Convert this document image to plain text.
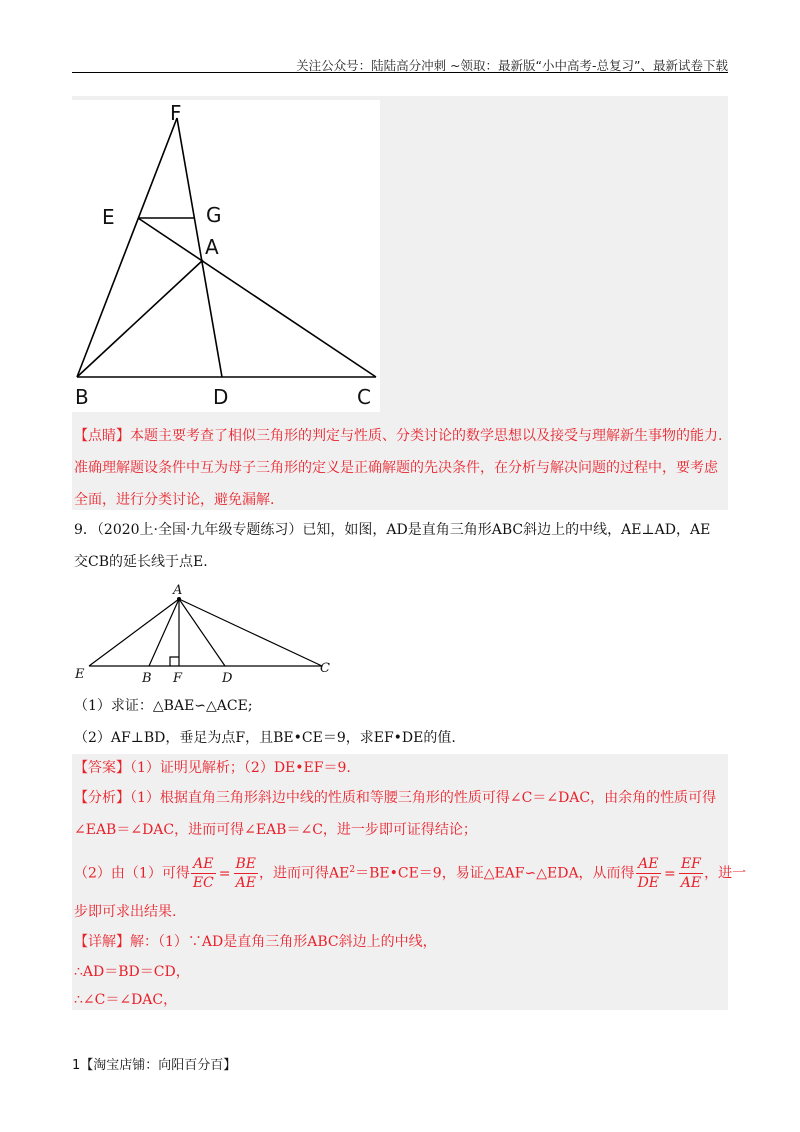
关注公众号：陆陆高分冲刺 ~领取：最新版“小中高考-总复习”、最新试卷下载
F
E	G
A
B	D	C
【点睛】本题主要考查了相似三角形的判定与性质、分类讨论的数学思想以及接受与理解新生事物的能力.
准确理解题设条件中互为母子三角形的定义是正确解题的先决条件，在分析与解决问题的过程中，要考虑
全面，进行分类讨论，避免漏解.
9．（2020上·全国·九年级专题练习）已知，如图，AD是直角三角形ABC斜边上的中线，AE⊥AD，AE
交CB的延长线于点E.
A
E	B F	D
C
（1）求证：△BAE∽△ACE;
（2）AF⊥BD，垂足为点F，且BE•CE＝9，求EF•DE的值.
【答案】（1）证明见解析；（2）DE•EF＝9.
【分析】（1）根据直角三角形斜边中线的性质和等腰三角形的性质可得∠C＝∠DAC，由余角的性质可得
∠EAB＝∠DAC，进而可得∠EAB＝∠C，进一步即可证得结论；
（2）由（1）可得 $\frac{AE}{EC} = \frac{BE}{AE}$ ，进而可得$AE^2=BE•CE=9$，易证△EAF∽△EDA，从而得 $\frac{AE}{DE} = \frac{EF}{AE}$ ，进一
步即可求出结果.
【详解】解：（1）∵AD是直角三角形ABC斜边上的中线，
∴AD＝BD＝CD，
∴∠C＝∠DAC，
1【淘宝店铺：向阳百分百】
